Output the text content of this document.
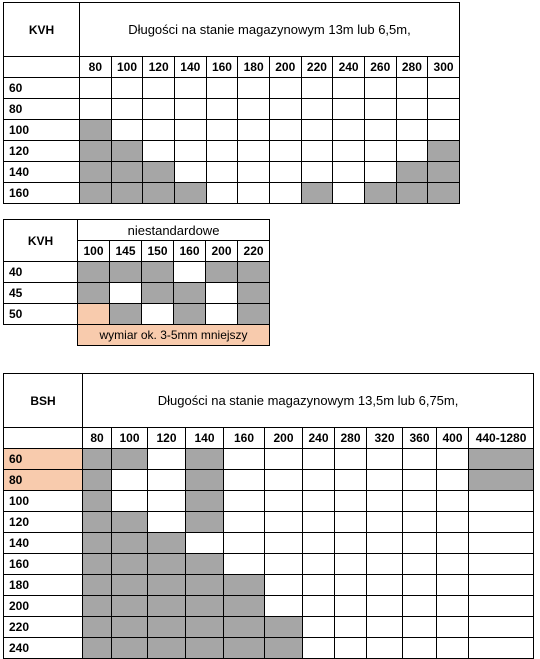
KVH	Długości na stanie magazynowym 13m lub 6,5m,											
	80	100	120	140	160	180	200	220	240	260	280	300
60												
80												
100												
120												
140												
160												
KVH	niestandardowe					
	100	145	150	160	200	220
40						
45						
50						
	wymiar ok. 3-5mm mniejszy					
BSH	Długości na stanie magazynowym 13,5m lub 6,75m,											
	80	100	120	140	160	200	240	280	320	360	400	440-1280
60												
80												
100												
120												
140												
160												
180												
200												
220												
240												
